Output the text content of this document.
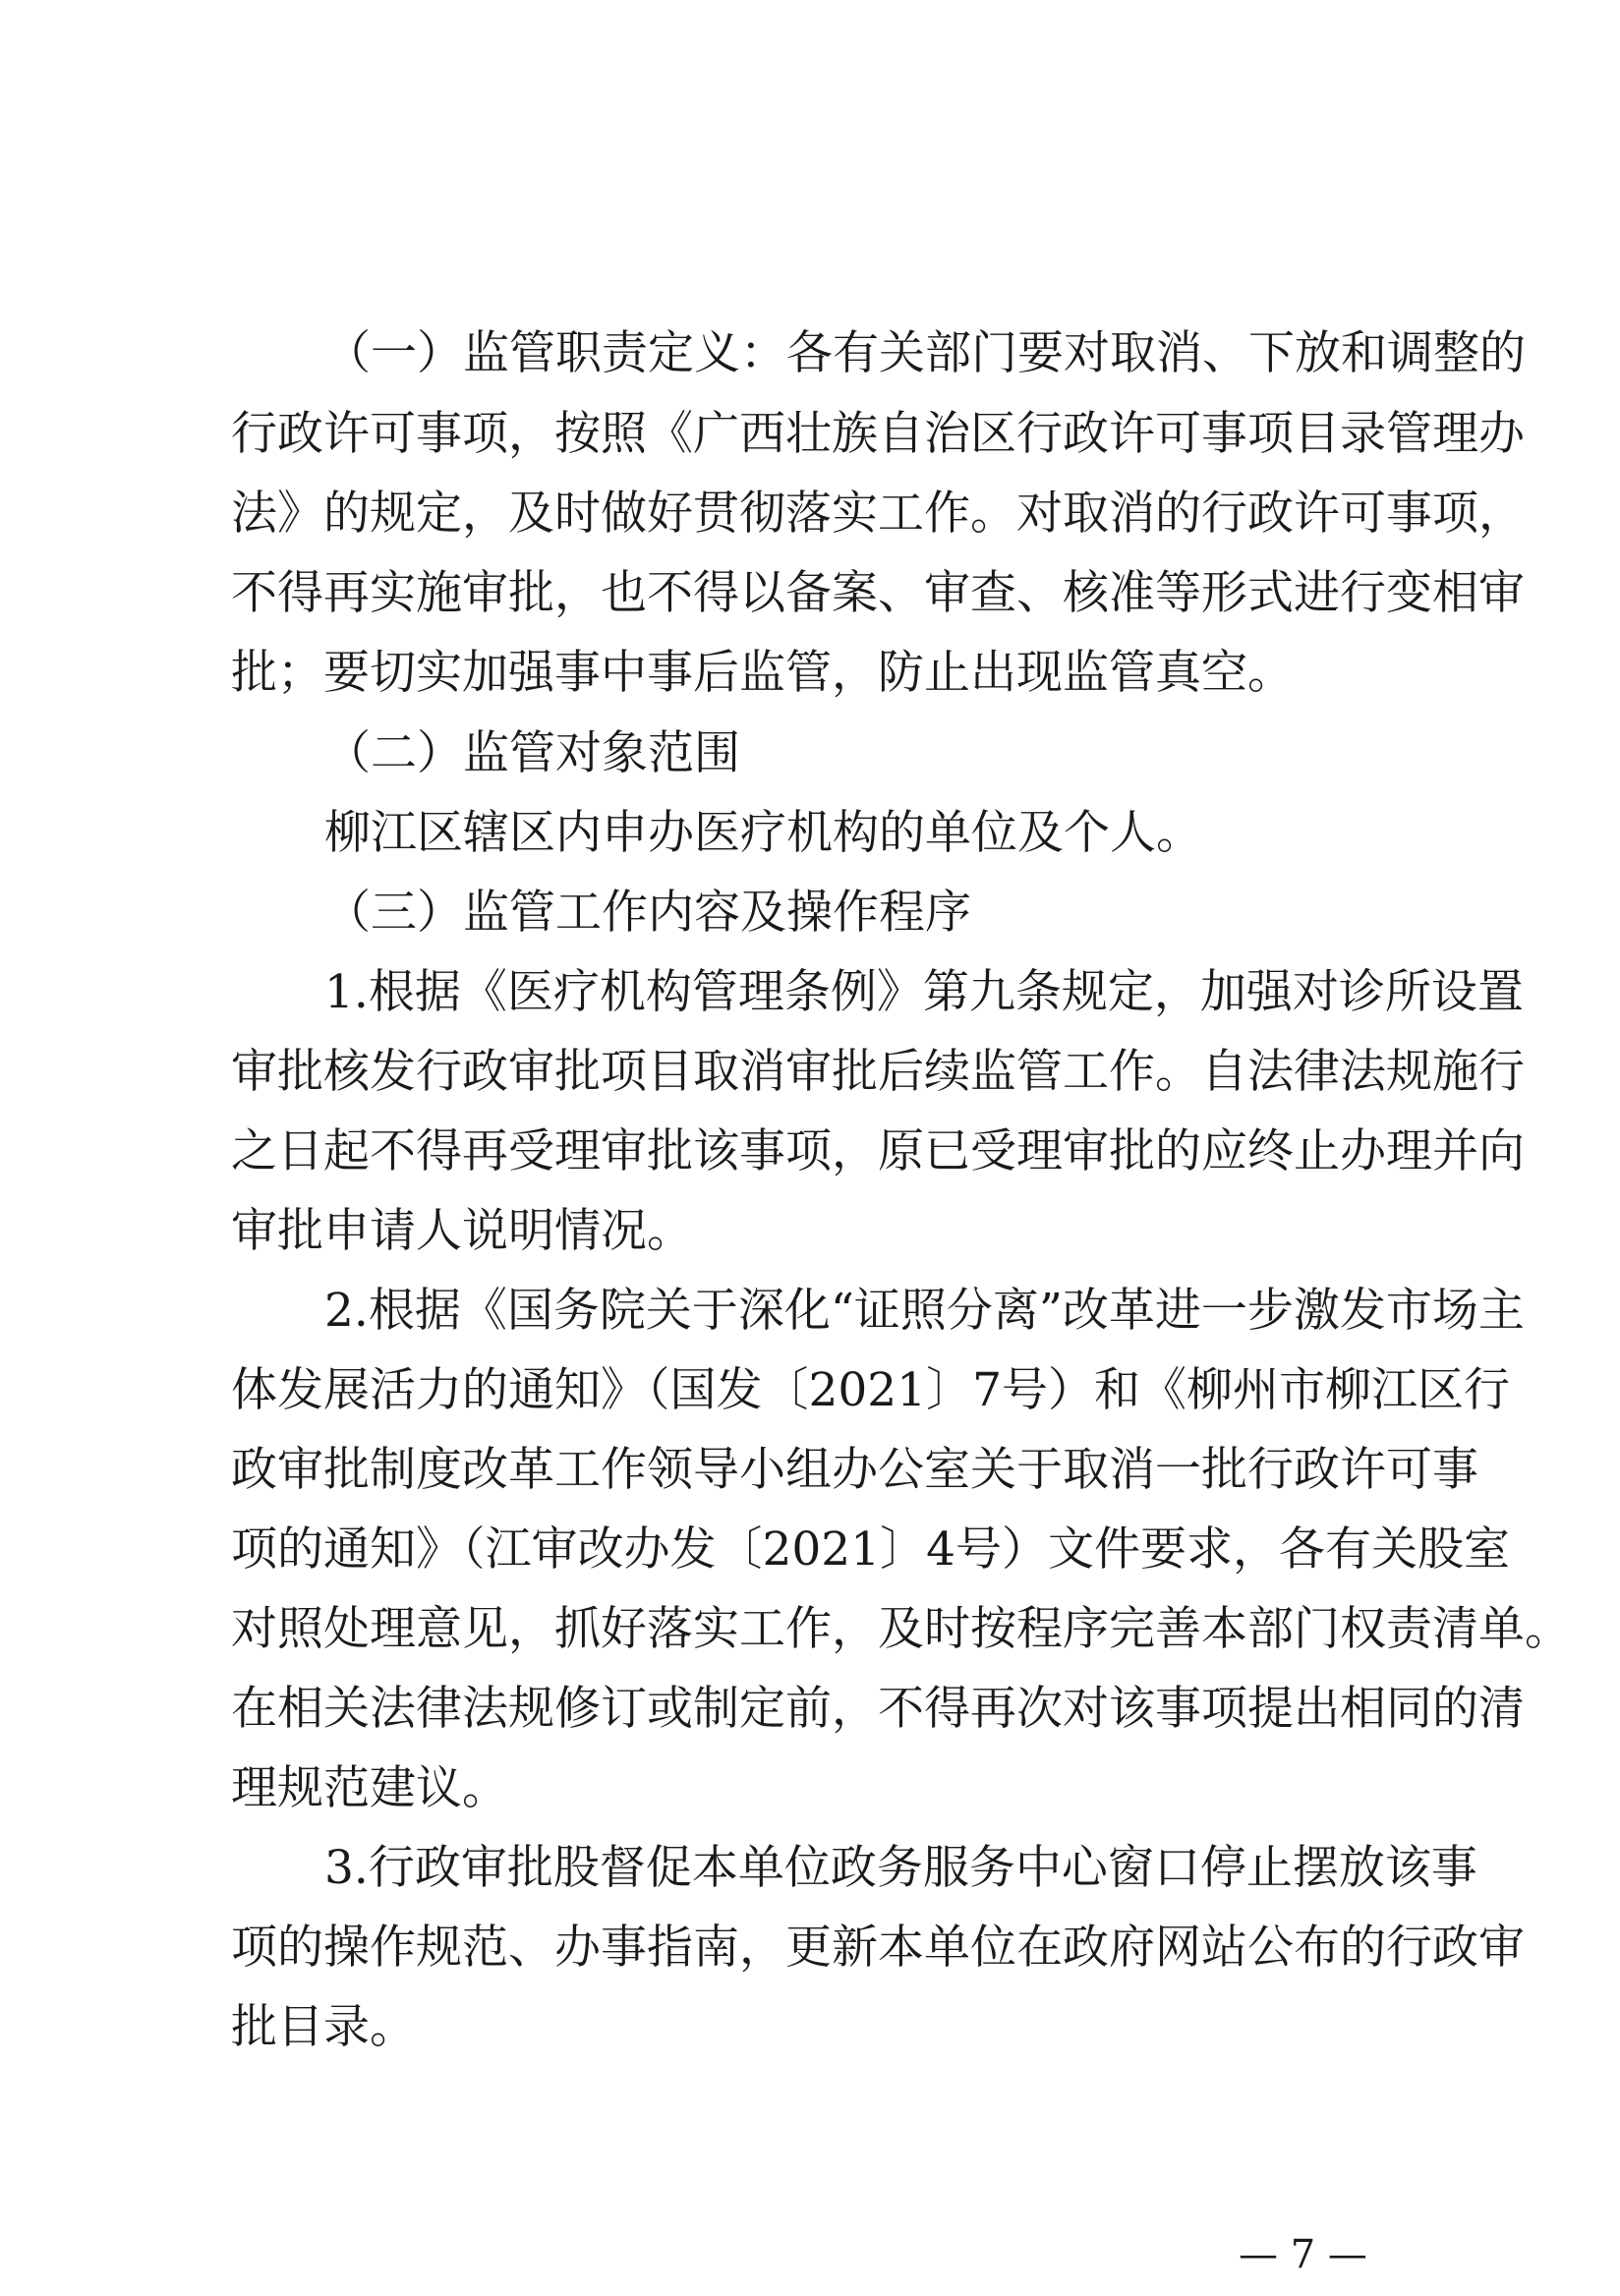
（一）监管职责定义：各有关部门要对取消、下放和调整的
行政许可事项，按照《广西壮族自治区行政许可事项目录管理办
法》的规定，及时做好贯彻落实工作。对取消的行政许可事项，
不得再实施审批，也不得以备案、审查、核准等形式进行变相审
批；要切实加强事中事后监管，防止出现监管真空。
（二）监管对象范围
柳江区辖区内申办医疗机构的单位及个人。
（三）监管工作内容及操作程序
1.根据《医疗机构管理条例》第九条规定，加强对诊所设置
审批核发行政审批项目取消审批后续监管工作。自法律法规施行
之日起不得再受理审批该事项，原已受理审批的应终止办理并向
审批申请人说明情况。
2.根据《国务院关于深化“证照分离”改革进一步激发市场主
体发展活力的通知》（国发〔2021〕7号）和《柳州市柳江区行
政审批制度改革工作领导小组办公室关于取消一批行政许可事
项的通知》（江审改办发〔2021〕4号）文件要求，各有关股室
对照处理意见，抓好落实工作，及时按程序完善本部门权责清单。
在相关法律法规修订或制定前，不得再次对该事项提出相同的清
理规范建议。
3.行政审批股督促本单位政务服务中心窗口停止摆放该事
项的操作规范、办事指南，更新本单位在政府网站公布的行政审
批目录。
— 7 —
